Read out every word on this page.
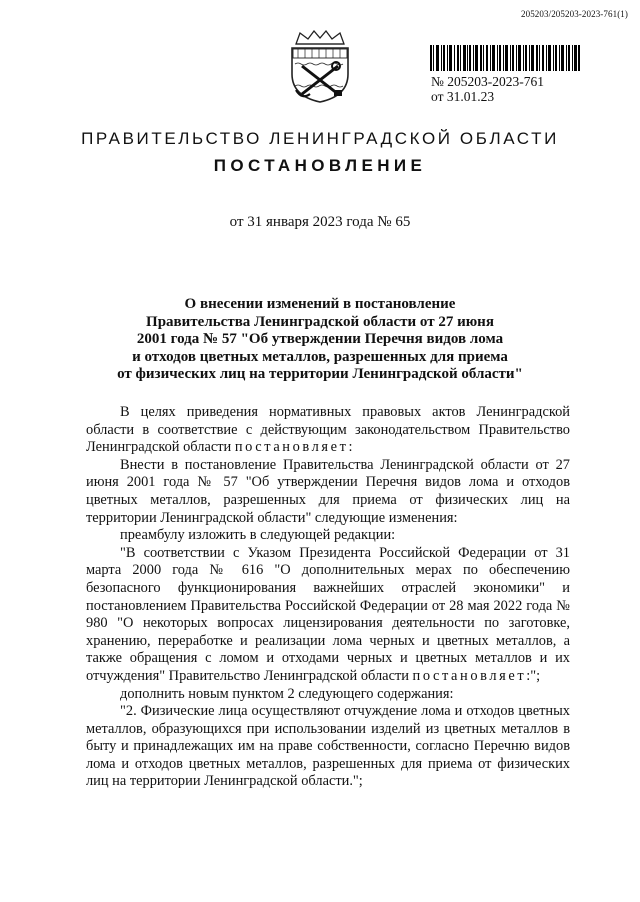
205203/205203-2023-761(1)
№ 205203-2023-761
от 31.01.23
ПРАВИТЕЛЬСТВО ЛЕНИНГРАДСКОЙ ОБЛАСТИ
ПОСТАНОВЛЕНИЕ
от 31 января 2023 года № 65
О внесении изменений в постановление
Правительства Ленинградской области от 27 июня
2001 года № 57 "Об утверждении Перечня видов лома
и отходов цветных металлов, разрешенных для приема
от физических лиц на территории Ленинградской области"

В целях приведения нормативных правовых актов Ленинградской области в соответствие с действующим законодательством Правительство Ленинградской области постановляет:

Внести в постановление Правительства Ленинградской области от 27 июня 2001 года № 57 "Об утверждении Перечня видов лома и отходов цветных металлов, разрешенных для приема от физических лиц на территории Ленинградской области" следующие изменения:

преамбулу изложить в следующей редакции:

"В соответствии с Указом Президента Российской Федерации от 31 марта 2000 года № 616 "О дополнительных мерах по обеспечению безопасного функционирования важнейших отраслей экономики" и постановлением Правительства Российской Федерации от 28 мая 2022 года № 980 "О некоторых вопросах лицензирования деятельности по заготовке, хранению, переработке и реализации лома черных и цветных металлов, а также обращения с ломом и отходами черных и цветных металлов и их отчуждения" Правительство Ленинградской области постановляет:";

дополнить новым пунктом 2 следующего содержания:

"2. Физические лица осуществляют отчуждение лома и отходов цветных металлов, образующихся при использовании изделий из цветных металлов в быту и принадлежащих им на праве собственности, согласно Перечню видов лома и отходов цветных металлов, разрешенных для приема от физических лиц на территории Ленинградской области.";
